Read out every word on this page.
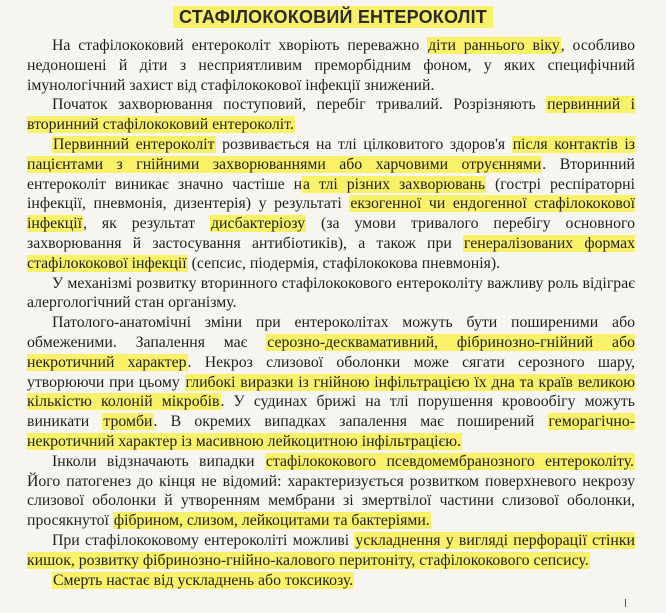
СТАФІЛОКОКОВИЙ ЕНТЕРОКОЛІТ

На стафілококовий ентероколіт хворіють переважно діти раннього віку, особливо недоношені й діти з несприятливим преморбідним фоном, у яких специфічний імунологічний захист від стафілококової інфекції знижений.

Початок захворювання поступовий, перебіг тривалий. Розрізняють первинний і вторинний стафілококовий ентероколіт.

Первинний ентероколіт розвивається на тлі цілковитого здоров'я після контактів із пацієнтами з гнійними захворюваннями або харчовими отруєннями. Вторинний ентероколіт виникає значно частіше на тлі різних захворювань (гострі респіраторні інфекції, пневмонія, дизентерія) у результаті екзогенної чи ендогенної стафілококової інфекції, як результат дисбактеріозу (за умови тривалого перебігу основного захворювання й застосування антибіотиків), а також при генералізованих формах стафілококової інфекції (сепсис, піодермія, стафілококова пневмонія).

У механізмі розвитку вторинного стафілококового ентероколіту важливу роль відіграє алергологічний стан організму.

Патолого-анатомічні зміни при ентероколітах можуть бути поширеними або обмеженими. Запалення має серозно-десквамативний, фібринозно-гнійний або некротичний характер. Некроз слизової оболонки може сягати серозного шару, утворюючи при цьому глибокі виразки із гнійною інфільтрацією їх дна та країв великою кількістю колоній мікробів. У судинах брижі на тлі порушення кровообігу можуть виникати тромби. В окремих випадках запалення має поширений геморагічно-некротичний характер із масивною лейкоцитною інфільтрацією.

Інколи відзначають випадки стафілококового псевдомембранозного ентероколіту. Його патогенез до кінця не відомий: характеризується розвитком поверхневого некрозу слизової оболонки й утворенням мембрани зі змертвілої частини слизової оболонки, просякнутої фібрином, слизом, лейкоцитами та бактеріями.

При стафілококовому ентероколіті можливі ускладнення у вигляді перфорації стінки кишок, розвитку фібринозно-гнійно-калового перитоніту, стафілококового сепсису.

Смерть настає від ускладнень або токсикозу.
